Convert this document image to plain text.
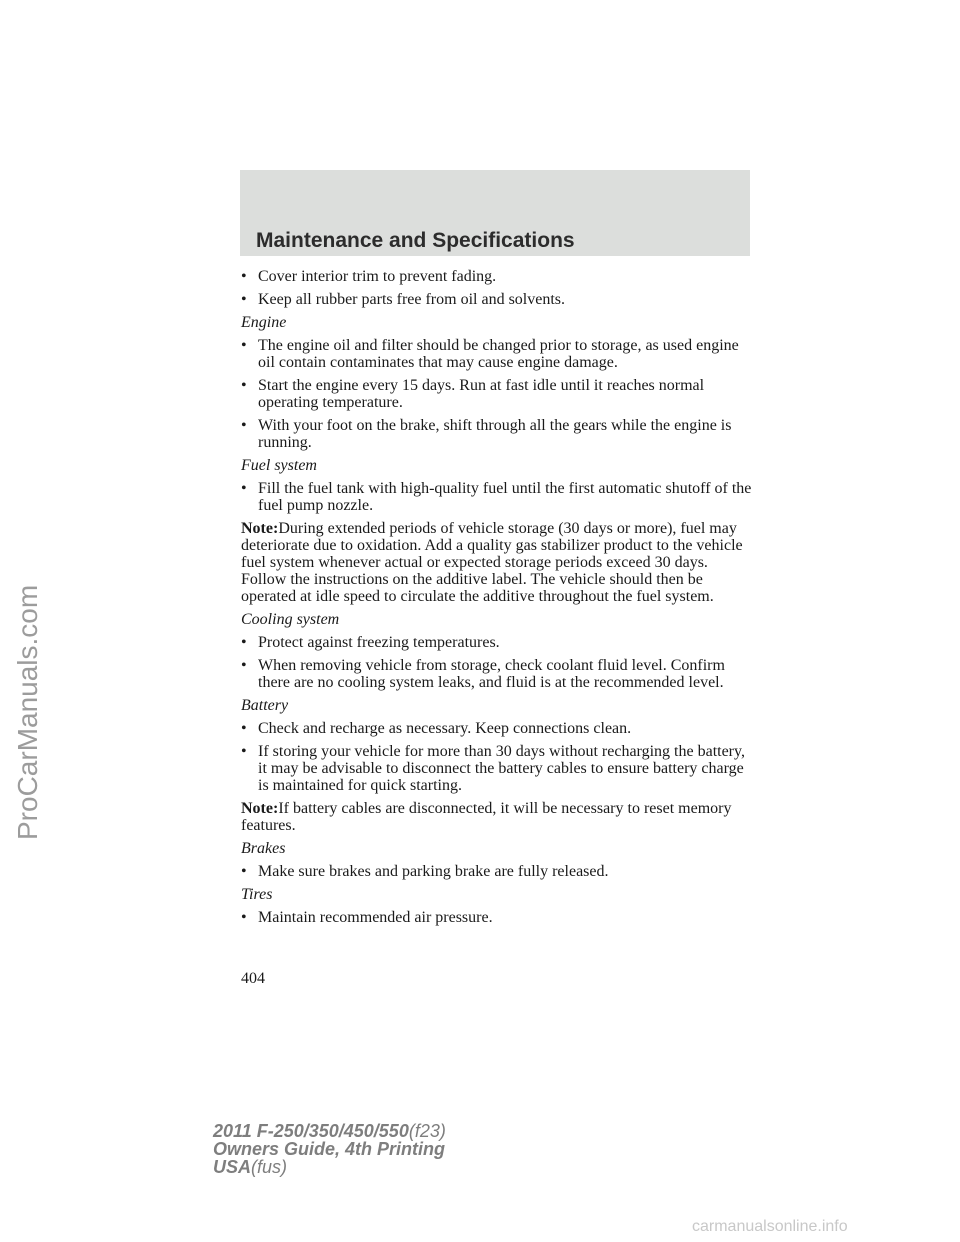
Maintenance and Specifications
• Cover interior trim to prevent fading.
• Keep all rubber parts free from oil and solvents.
Engine
• The engine oil and filter should be changed prior to storage, as used engine oil contain contaminates that may cause engine damage.
• Start the engine every 15 days. Run at fast idle until it reaches normal operating temperature.
• With your foot on the brake, shift through all the gears while the engine is running.
Fuel system
• Fill the fuel tank with high-quality fuel until the first automatic shutoff of the fuel pump nozzle.
Note:During extended periods of vehicle storage (30 days or more), fuel may deteriorate due to oxidation. Add a quality gas stabilizer product to the vehicle fuel system whenever actual or expected storage periods exceed 30 days. Follow the instructions on the additive label. The vehicle should then be operated at idle speed to circulate the additive throughout the fuel system.
Cooling system
• Protect against freezing temperatures.
• When removing vehicle from storage, check coolant fluid level. Confirm there are no cooling system leaks, and fluid is at the recommended level.
Battery
• Check and recharge as necessary. Keep connections clean.
• If storing your vehicle for more than 30 days without recharging the battery, it may be advisable to disconnect the battery cables to ensure battery charge is maintained for quick starting.
Note:If battery cables are disconnected, it will be necessary to reset memory features.
Brakes
• Make sure brakes and parking brake are fully released.
Tires
• Maintain recommended air pressure.
404
2011 F-250/350/450/550(f23)
Owners Guide, 4th Printing
USA(fus)
ProCarManuals.com
carmanualsonline.info
